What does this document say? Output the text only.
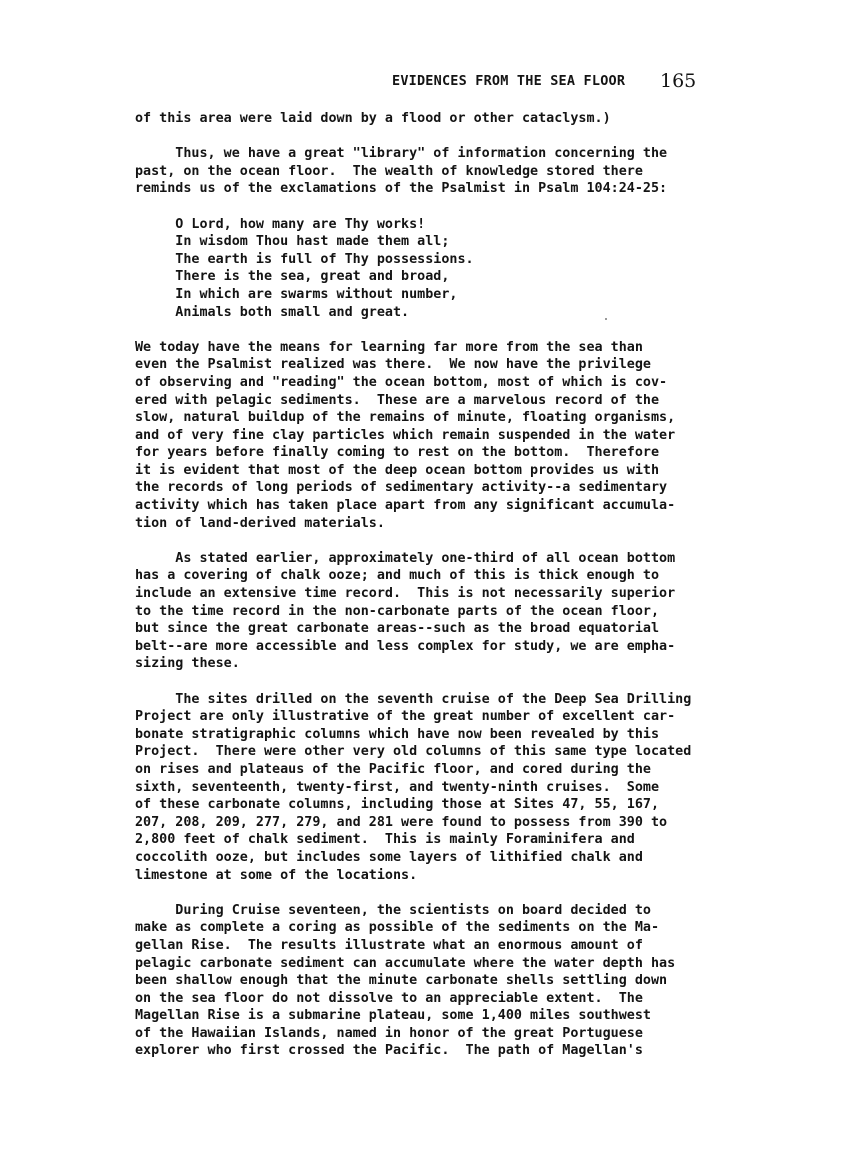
EVIDENCES FROM THE SEA FLOOR 165
of this area were laid down by a flood or other cataclysm.)
Thus, we have a great "library" of information concerning the
past, on the ocean floor.  The wealth of knowledge stored there
reminds us of the exclamations of the Psalmist in Psalm 104:24-25:
O Lord, how many are Thy works!
In wisdom Thou hast made them all;
The earth is full of Thy possessions.
There is the sea, great and broad,
In which are swarms without number,
Animals both small and great.
We today have the means for learning far more from the sea than
even the Psalmist realized was there.  We now have the privilege
of observing and "reading" the ocean bottom, most of which is cov-
ered with pelagic sediments.  These are a marvelous record of the
slow, natural buildup of the remains of minute, floating organisms,
and of very fine clay particles which remain suspended in the water
for years before finally coming to rest on the bottom.  Therefore
it is evident that most of the deep ocean bottom provides us with
the records of long periods of sedimentary activity--a sedimentary
activity which has taken place apart from any significant accumula-
tion of land-derived materials.
As stated earlier, approximately one-third of all ocean bottom
has a covering of chalk ooze; and much of this is thick enough to
include an extensive time record.  This is not necessarily superior
to the time record in the non-carbonate parts of the ocean floor,
but since the great carbonate areas--such as the broad equatorial
belt--are more accessible and less complex for study, we are empha-
sizing these.
The sites drilled on the seventh cruise of the Deep Sea Drilling
Project are only illustrative of the great number of excellent car-
bonate stratigraphic columns which have now been revealed by this
Project.  There were other very old columns of this same type located
on rises and plateaus of the Pacific floor, and cored during the
sixth, seventeenth, twenty-first, and twenty-ninth cruises.  Some
of these carbonate columns, including those at Sites 47, 55, 167,
207, 208, 209, 277, 279, and 281 were found to possess from 390 to
2,800 feet of chalk sediment.  This is mainly Foraminifera and
coccolith ooze, but includes some layers of lithified chalk and
limestone at some of the locations.
During Cruise seventeen, the scientists on board decided to
make as complete a coring as possible of the sediments on the Ma-
gellan Rise.  The results illustrate what an enormous amount of
pelagic carbonate sediment can accumulate where the water depth has
been shallow enough that the minute carbonate shells settling down
on the sea floor do not dissolve to an appreciable extent.  The
Magellan Rise is a submarine plateau, some 1,400 miles southwest
of the Hawaiian Islands, named in honor of the great Portuguese
explorer who first crossed the Pacific.  The path of Magellan's
